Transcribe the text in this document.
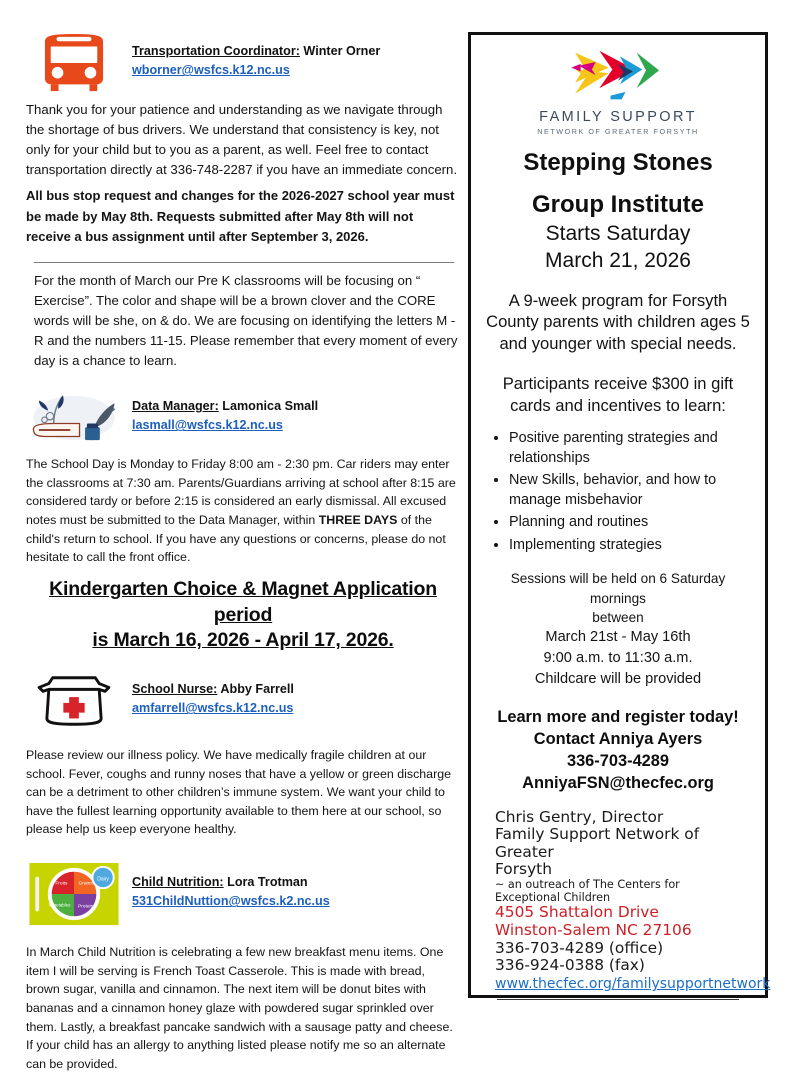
Transportation Coordinator: Winter Orner
wborner@wsfcs.k12.nc.us

Thank you for your patience and understanding as we navigate through the shortage of bus drivers. We understand that consistency is key, not only for your child but to you as a parent, as well. Feel free to contact transportation directly at 336-748-2287 if you have an immediate concern.

All bus stop request and changes for the 2026-2027 school year must be made by May 8th. Requests submitted after May 8th will not receive a bus assignment until after September 3, 2026.

For the month of March our Pre K classrooms will be focusing on “ Exercise”. The color and shape will be a brown clover and the CORE words will be she, on & do. We are focusing on identifying the letters M - R and the numbers 11-15. Please remember that every moment of every day is a chance to learn.

Data Manager: Lamonica Small
lasmall@wsfcs.k12.nc.us

The School Day is Monday to Friday 8:00 am - 2:30 pm. Car riders may enter the classrooms at 7:30 am. Parents/Guardians arriving at school after 8:15 are considered tardy or before 2:15 is considered an early dismissal. All excused notes must be submitted to the Data Manager, within THREE DAYS of the child's return to school. If you have any questions or concerns, please do not hesitate to call the front office.

Kindergarten Choice & Magnet Application period
is March 16, 2026 - April 17, 2026.
School Nurse: Abby Farrell
amfarrell@wsfcs.k12.nc.us

Please review our illness policy. We have medically fragile children at our school. Fever, coughs and runny noses that have a yellow or green discharge can be a detriment to other children’s immune system. We want your child to have the fullest learning opportunity available to them here at our school, so please help us keep everyone healthy.

Dairy
Fruits Grains
Vegetables Protein
Child Nutrition: Lora Trotman
531ChildNuttion@wsfcs.k2.nc.us

In March Child Nutrition is celebrating a few new breakfast menu items. One item I will be serving is French Toast Casserole. This is made with bread, brown sugar, vanilla and cinnamon. The next item will be donut bites with bananas and a cinnamon honey glaze with powdered sugar sprinkled over them. Lastly, a breakfast pancake sandwich with a sausage patty and cheese. If your child has an allergy to anything listed please notify me so an alternate can be provided.

FAMILY SUPPORT
NETWORK OF GREATER FORSYTH
Stepping Stones
Group Institute
Starts Saturday
March 21, 2026
A 9-week program for Forsyth County parents with children ages 5 and younger with special needs.
Participants receive $300 in gift cards and incentives to learn:
• Positive parenting strategies and relationships
• New Skills, behavior, and how to manage misbehavior
• Planning and routines
• Implementing strategies
Sessions will be held on 6 Saturday mornings
between
March 21st - May 16th
9:00 a.m. to 11:30 a.m.
Childcare will be provided
Learn more and register today!
Contact Anniya Ayers
336-703-4289
AnniyaFSN@thecfec.org
Chris Gentry, Director
Family Support Network of Greater
Forsyth
~ an outreach of The Centers for Exceptional Children
4505 Shattalon Drive
Winston-Salem NC 27106
336-703-4289 (office)
336-924-0388 (fax)
www.thecfec.org/familysupportnetwork
